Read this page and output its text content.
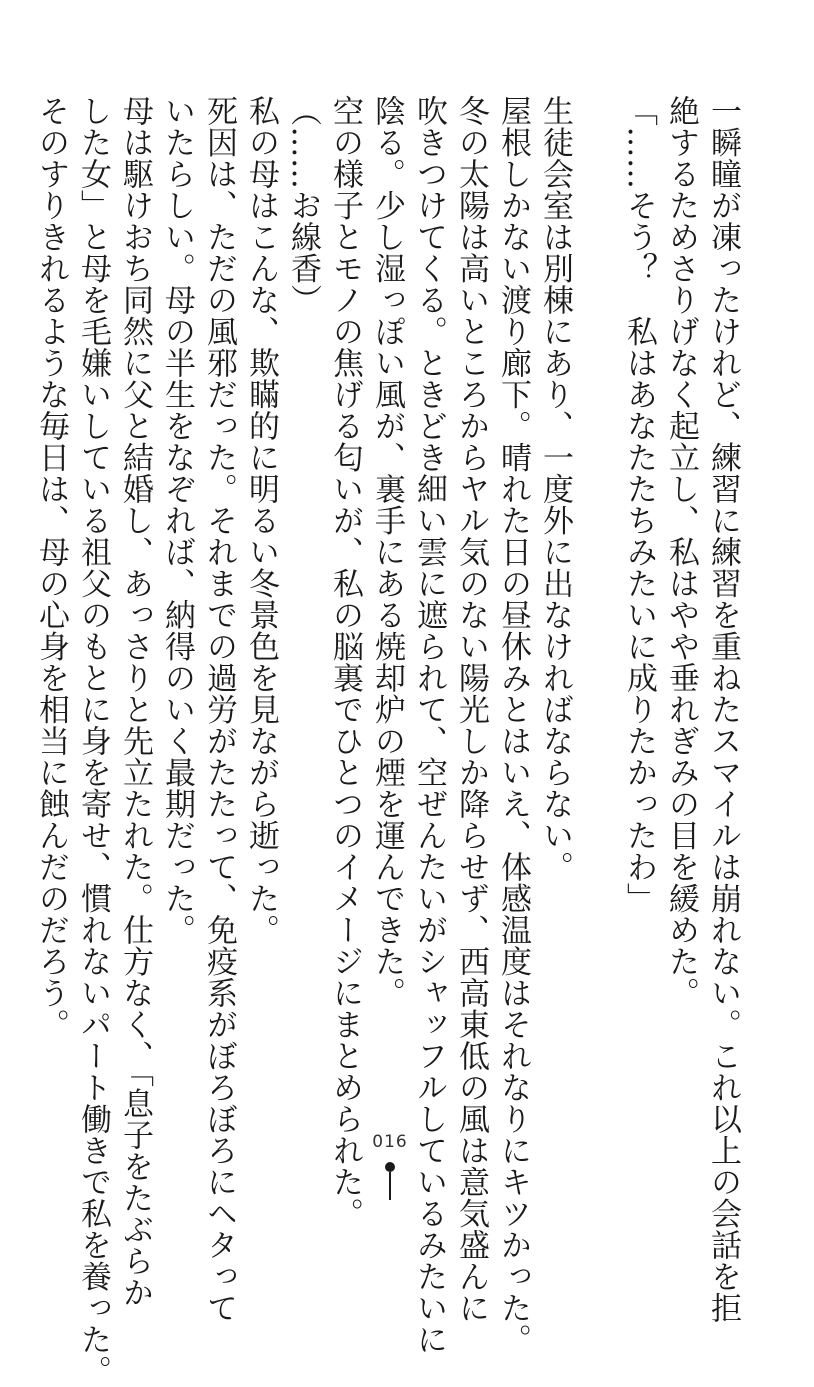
一瞬瞳が凍ったけれど、練習に練習を重ねたスマイルは崩れない。これ以上の会話を拒
絶するためさりげなく起立し、私はやや垂れぎみの目を緩めた。
「……そう？　私はあなたたちみたいに成りたかったわ」
生徒会室は別棟にあり、一度外に出なければならない。
屋根しかない渡り廊下。晴れた日の昼休みとはいえ、体感温度はそれなりにキツかった。
冬の太陽は高いところからヤル気のない陽光しか降らせず、西高東低の風は意気盛んに
吹きつけてくる。ときどき細い雲に遮られて、空ぜんたいがシャッフルしているみたいに
陰る。少し湿っぽい風が、裏手にある焼却炉の煙を運んできた。
空の様子とモノの焦げる匂いが、私の脳裏でひとつのイメージにまとめられた。
（……お線香）
私の母はこんな、欺瞞的に明るい冬景色を見ながら逝った。
死因は、ただの風邪だった。それまでの過労がたたって、免疫系がぼろぼろにヘタって
いたらしい。母の半生をなぞれば、納得のいく最期だった。
母は駆けおち同然に父と結婚し、あっさりと先立たれた。仕方なく、「息子をたぶらか
した女」と母を毛嫌いしている祖父のもとに身を寄せ、慣れないパート働きで私を養った。
そのすりきれるような毎日は、母の心身を相当に蝕んだのだろう。
016
